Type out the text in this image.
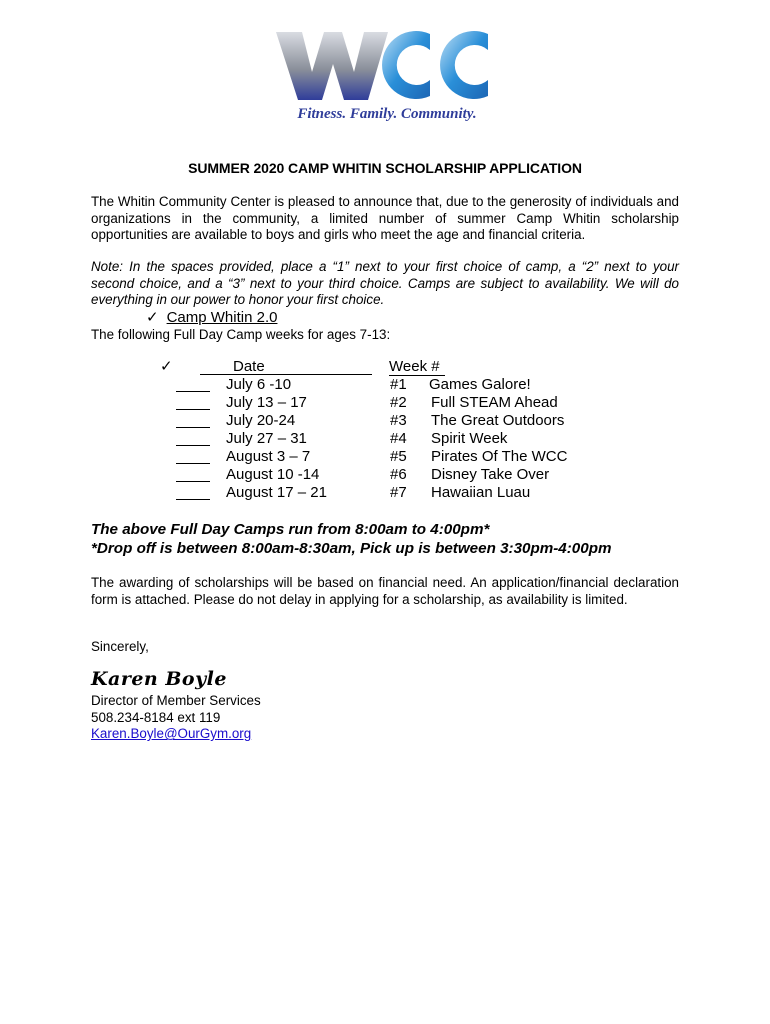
Fitness. Family. Community.
SUMMER 2020 CAMP WHITIN SCHOLARSHIP APPLICATION
The Whitin Community Center is pleased to announce that, due to the generosity of individuals and organizations in the community, a limited number of summer Camp Whitin scholarship opportunities are available to boys and girls who meet the age and financial criteria.
Note: In the spaces provided, place a “1” next to your first choice of camp, a “2” next to your second choice, and a “3” next to your third choice. Camps are subject to availability. We will do everything in our power to honor your first choice.
✓ Camp Whitin 2.0
The following Full Day Camp weeks for ages 7-13:
✓	Date	Week #
July 6 -10	#1 Games Galore!
July 13 – 17	#2 Full STEAM Ahead
July 20-24	#3 The Great Outdoors
July 27 – 31	#4 Spirit Week
August 3 – 7	#5 Pirates Of The WCC
August 10 -14	#6 Disney Take Over
August 17 – 21	#7 Hawaiian Luau
The above Full Day Camps run from 8:00am to 4:00pm*
*Drop off is between 8:00am-8:30am, Pick up is between 3:30pm-4:00pm
The awarding of scholarships will be based on financial need. An application/financial declaration form is attached. Please do not delay in applying for a scholarship, as availability is limited.
Sincerely,
Karen Boyle
Director of Member Services
508.234-8184 ext 119
Karen.Boyle@OurGym.org
